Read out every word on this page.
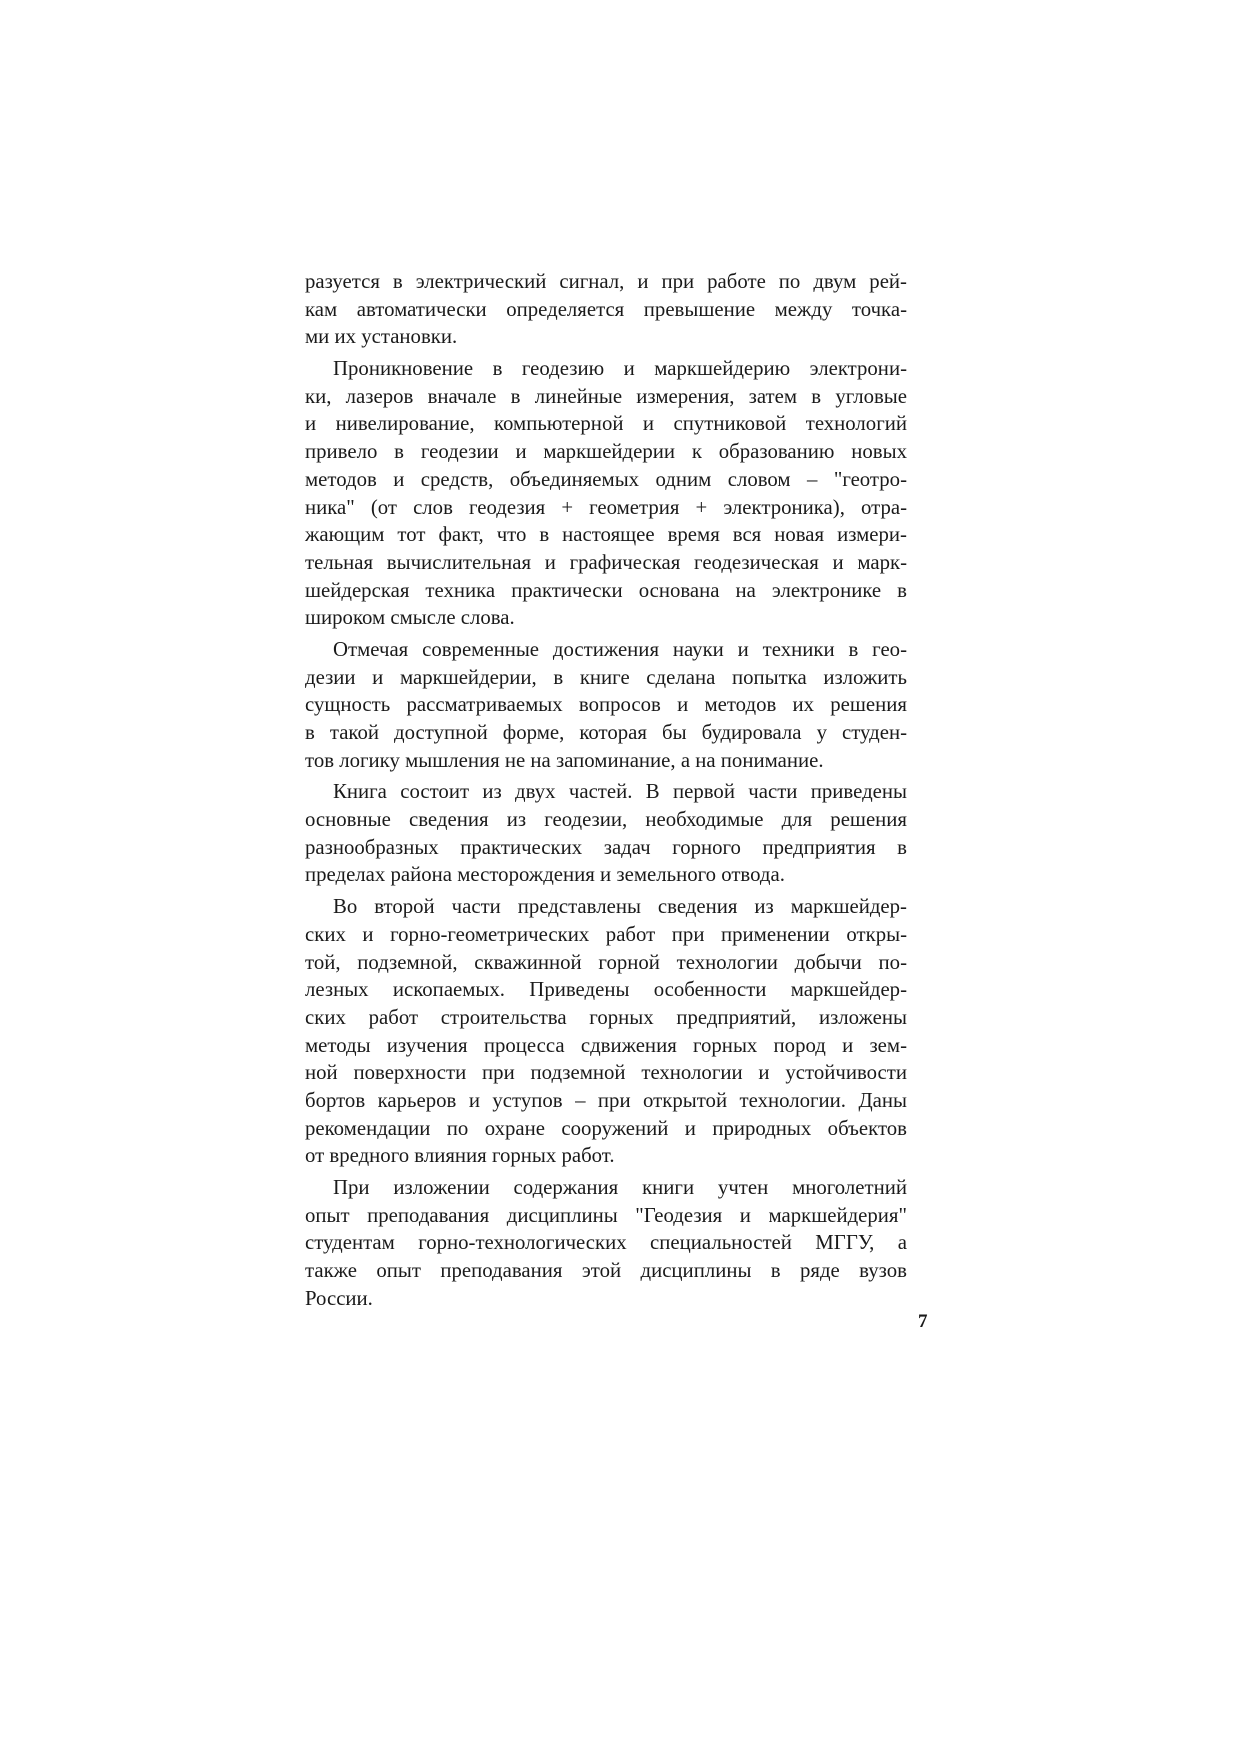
разуется в электрический сигнал, и при работе по двум рей-
кам автоматически определяется превышение между точка-
ми их установки.
Проникновение в геодезию и маркшейдерию электрони-
ки, лазеров вначале в линейные измерения, затем в угловые
и нивелирование, компьютерной и спутниковой технологий
привело в геодезии и маркшейдерии к образованию новых
методов и средств, объединяемых одним словом – "геотро-
ника" (от слов геодезия + геометрия + электроника), отра-
жающим тот факт, что в настоящее время вся новая измери-
тельная вычислительная и графическая геодезическая и марк-
шейдерская техника практически основана на электронике в
широком смысле слова.
Отмечая современные достижения науки и техники в гео-
дезии и маркшейдерии, в книге сделана попытка изложить
сущность рассматриваемых вопросов и методов их решения
в такой доступной форме, которая бы будировала у студен-
тов логику мышления не на запоминание, а на понимание.
Книга состоит из двух частей. В первой части приведены
основные сведения из геодезии, необходимые для решения
разнообразных практических задач горного предприятия в
пределах района месторождения и земельного отвода.
Во второй части представлены сведения из маркшейдер-
ских и горно-геометрических работ при применении откры-
той, подземной, скважинной горной технологии добычи по-
лезных ископаемых. Приведены особенности маркшейдер-
ских работ строительства горных предприятий, изложены
методы изучения процесса сдвижения горных пород и зем-
ной поверхности при подземной технологии и устойчивости
бортов карьеров и уступов – при открытой технологии. Даны
рекомендации по охране сооружений и природных объектов
от вредного влияния горных работ.
При изложении содержания книги учтен многолетний
опыт преподавания дисциплины "Геодезия и маркшейдерия"
студентам горно-технологических специальностей МГГУ, а
также опыт преподавания этой дисциплины в ряде вузов
России.
7
